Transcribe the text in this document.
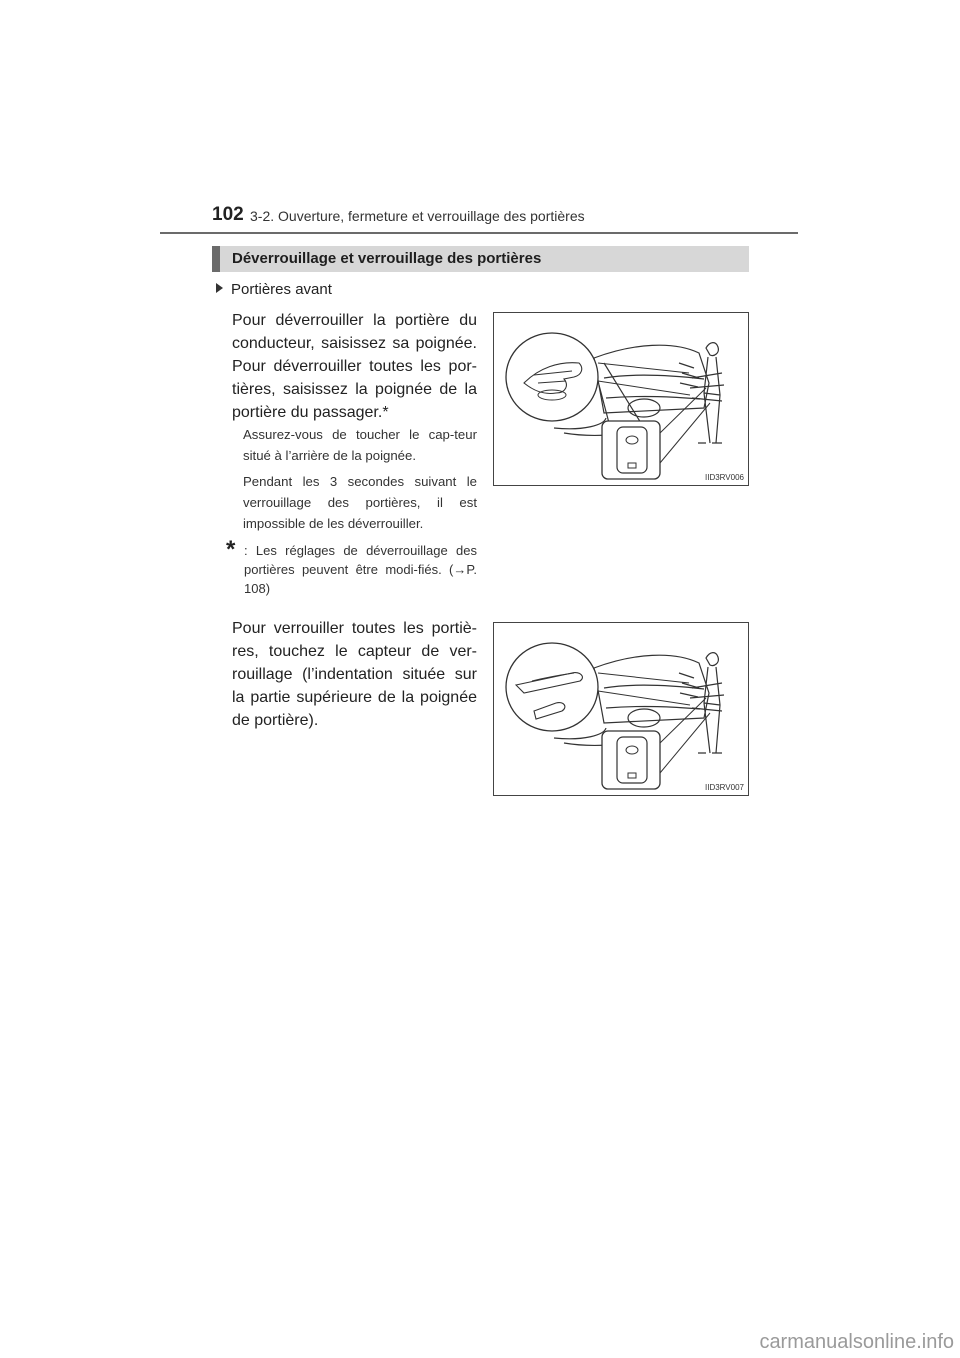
102 3-2. Ouverture, fermeture et verrouillage des portières
Déverrouillage et verrouillage des portières
Portières avant
Pour déverrouiller la portière du conducteur, saisissez sa poignée. Pour déverrouiller toutes les por-tières, saisissez la poignée de la portière du passager.*
Assurez-vous de toucher le cap-teur situé à l’arrière de la poignée.
Pendant les 3 secondes suivant le verrouillage des portières, il est impossible de les déverrouiller.
* : Les réglages de déverrouillage des portières peuvent être modi-fiés. (→P. 108)
Pour verrouiller toutes les portiè-res, touchez le capteur de ver-rouillage (l’indentation située sur la partie supérieure de la poignée de portière).
IID3RV006
IID3RV007
carmanualsonline.info
